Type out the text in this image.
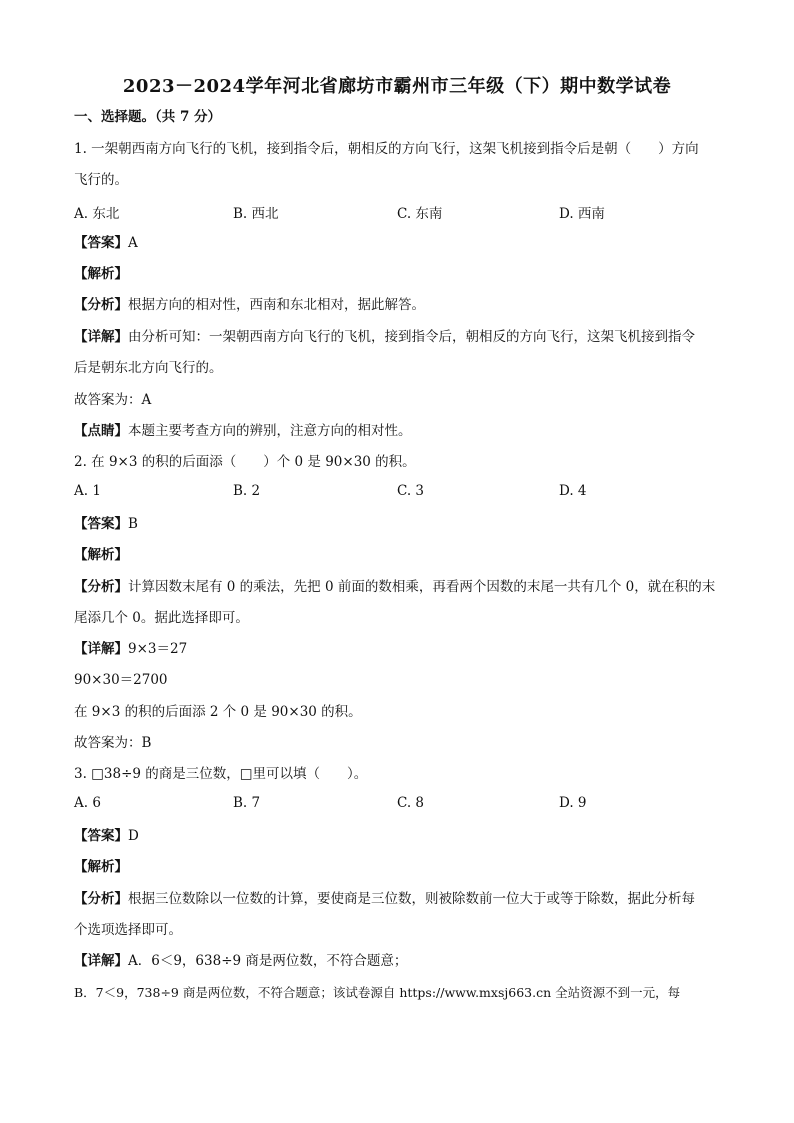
2023－2024学年河北省廊坊市霸州市三年级（下）期中数学试卷
一、选择题。（共 7 分）
1. 一架朝西南方向飞行的飞机，接到指令后，朝相反的方向飞行，这架飞机接到指令后是朝（　　）方向
飞行的。
A. 东北	B. 西北	C. 东南	D. 西南
【答案】A
【解析】
【分析】根据方向的相对性，西南和东北相对，据此解答。
【详解】由分析可知：一架朝西南方向飞行的飞机，接到指令后，朝相反的方向飞行，这架飞机接到指令
后是朝东北方向飞行的。
故答案为：A
【点睛】本题主要考查方向的辨别，注意方向的相对性。
2. 在 9×3 的积的后面添（　　）个 0 是 90×30 的积。
A. 1	B. 2	C. 3	D. 4
【答案】B
【解析】
【分析】计算因数末尾有 0 的乘法，先把 0 前面的数相乘，再看两个因数的末尾一共有几个 0，就在积的末
尾添几个 0。据此选择即可。
【详解】9×3＝27
90×30＝2700
在 9×3 的积的后面添 2 个 0 是 90×30 的积。
故答案为：B
3. □38÷9 的商是三位数，□里可以填（　　）。
A. 6	B. 7	C. 8	D. 9
【答案】D
【解析】
【分析】根据三位数除以一位数的计算，要使商是三位数，则被除数前一位大于或等于除数，据此分析每
个选项选择即可。
【详解】A．6＜9，638÷9 商是两位数，不符合题意；
B．7＜9，738÷9 商是两位数，不符合题意；该试卷源自 https://www.mxsj663.cn 全站资源不到一元，每
